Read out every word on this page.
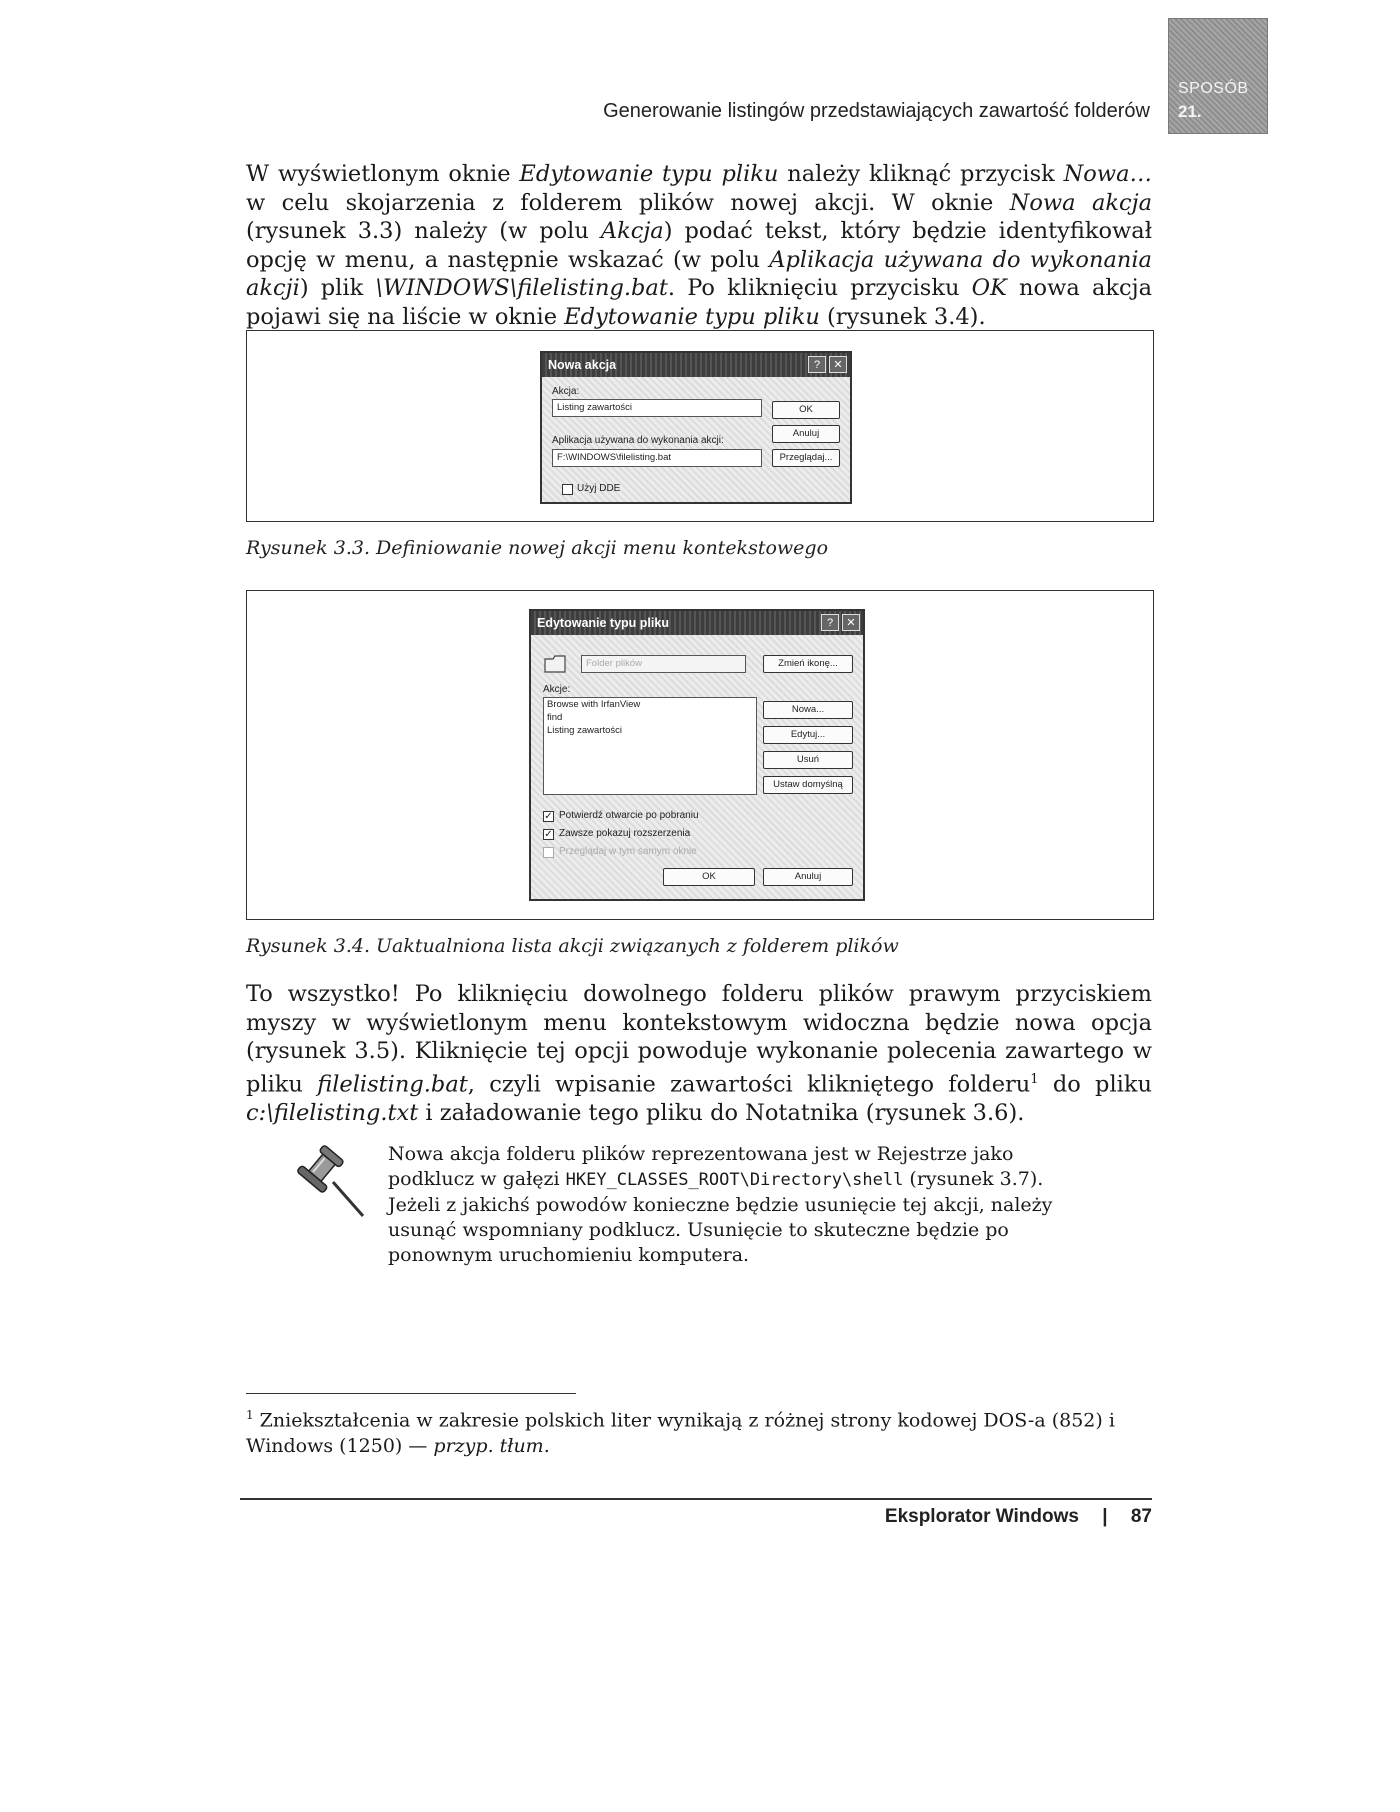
Generowanie listingów przedstawiających zawartość folderów
SPOSÓB
21.
W wyświetlonym oknie Edytowanie typu pliku należy kliknąć przycisk Nowa… w celu skojarzenia z folderem plików nowej akcji. W oknie Nowa akcja (rysunek 3.3) należy (w polu Akcja) podać tekst, który będzie identyfikował opcję w menu, a następnie wskazać (w polu Aplikacja używana do wykonania akcji) plik \WINDOWS\filelisting.bat. Po kliknięciu przycisku OK nowa akcja pojawi się na liście w oknie Edytowanie typu pliku (rysunek 3.4).
Nowa akcja	?	✕
Akcja:
Listing zawartości	OK
Anuluj
Aplikacja używana do wykonania akcji:
F:\WINDOWS\filelisting.bat	Przeglądaj...
Użyj DDE
Rysunek 3.3. Definiowanie nowej akcji menu kontekstowego
Edytowanie typu pliku	?	✕
Folder plików	Zmień ikonę...
Akcje:
Browse with IrfanView
find
Listing zawartości
Nowa...
Edytuj...
Usuń
Ustaw domyślną
✓ Potwierdź otwarcie po pobraniu
✓ Zawsze pokazuj rozszerzenia
Przeglądaj w tym samym oknie
OK	Anuluj
Rysunek 3.4. Uaktualniona lista akcji związanych z folderem plików
To wszystko! Po kliknięciu dowolnego folderu plików prawym przyciskiem myszy w wyświetlonym menu kontekstowym widoczna będzie nowa opcja (rysunek 3.5). Kliknięcie tej opcji powoduje wykonanie polecenia zawartego w pliku filelisting.bat, czyli wpisanie zawartości klikniętego folderu$^1$ do pliku c:\filelisting.txt i załadowanie tego pliku do Notatnika (rysunek 3.6).
Nowa akcja folderu plików reprezentowana jest w Rejestrze jako podklucz w gałęzi HKEY_CLASSES_ROOT\Directory\shell (rysunek 3.7). Jeżeli z jakichś powodów konieczne będzie usunięcie tej akcji, należy usunąć wspomniany podklucz. Usunięcie to skuteczne będzie po ponownym uruchomieniu komputera.
$^1$ Zniekształcenia w zakresie polskich liter wynikają z różnej strony kodowej DOS-a (852) i Windows (1250) — przyp. tłum.
Eksplorator Windows | 87
